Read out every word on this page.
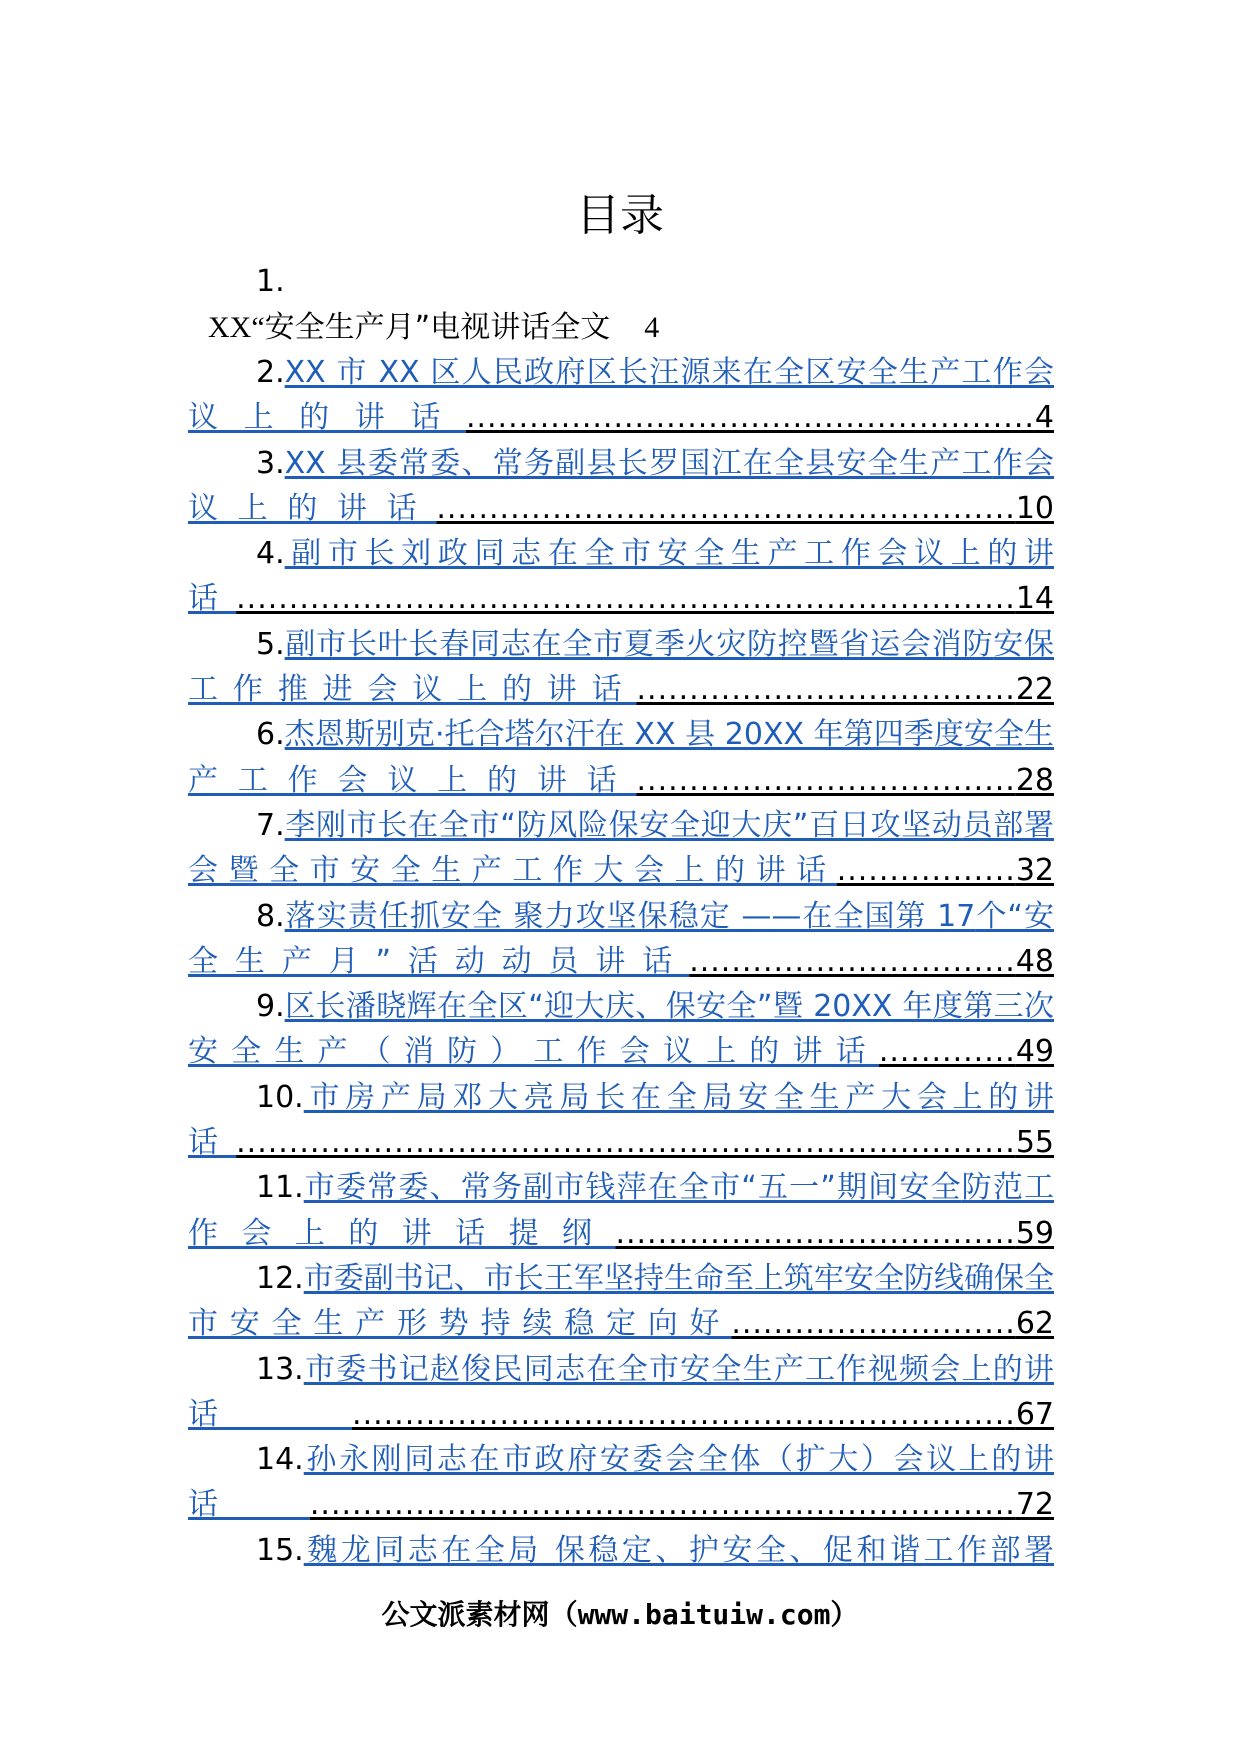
目录
1.
XX“安全生产月”电视讲话全文 4
2.XX 市 XX 区人民政府区长汪源来在全区安全生产工作会议上的讲话......................................................4
3.XX 县委常委、常务副县长罗国江在全县安全生产工作会议上的讲话.......................................................10
4.副市长刘政同志在全市安全生产工作会议上的讲话..........................................................................14
5.副市长叶长春同志在全市夏季火灾防控暨省运会消防安保工作推进会议上的讲话....................................22
6.杰恩斯别克·托合塔尔汗在 XX 县 20XX 年第四季度安全生产工作会议上的讲话....................................28
7.李刚市长在全市“防风险保安全迎大庆”百日攻坚动员部署会暨全市安全生产工作大会上的讲话.................32
8.落实责任抓安全 聚力攻坚保稳定 ——在全国第 17个“安全生产月”活动动员讲话...............................48
9.区长潘晓辉在全区“迎大庆、保安全”暨 20XX 年度第三次安全生产（消防）工作会议上的讲话.............49
10.市房产局邓大亮局长在全局安全生产大会上的讲话..........................................................................55
11.市委常委、常务副市钱萍在全市“五一”期间安全防范工作会上的讲话提纲......................................59
12.市委副书记、市长王军坚持生命至上筑牢安全防线确保全市安全生产形势持续稳定向好...........................62
13.市委书记赵俊民同志在全市安全生产工作视频会上的讲话...............................................................67
14.孙永刚同志在市政府安委会全体（扩大）会议上的讲话...................................................................72
15.魏龙同志在全局 保稳定、护安全、促和谐工作部署
公文派素材网（www.baituiw.com）
